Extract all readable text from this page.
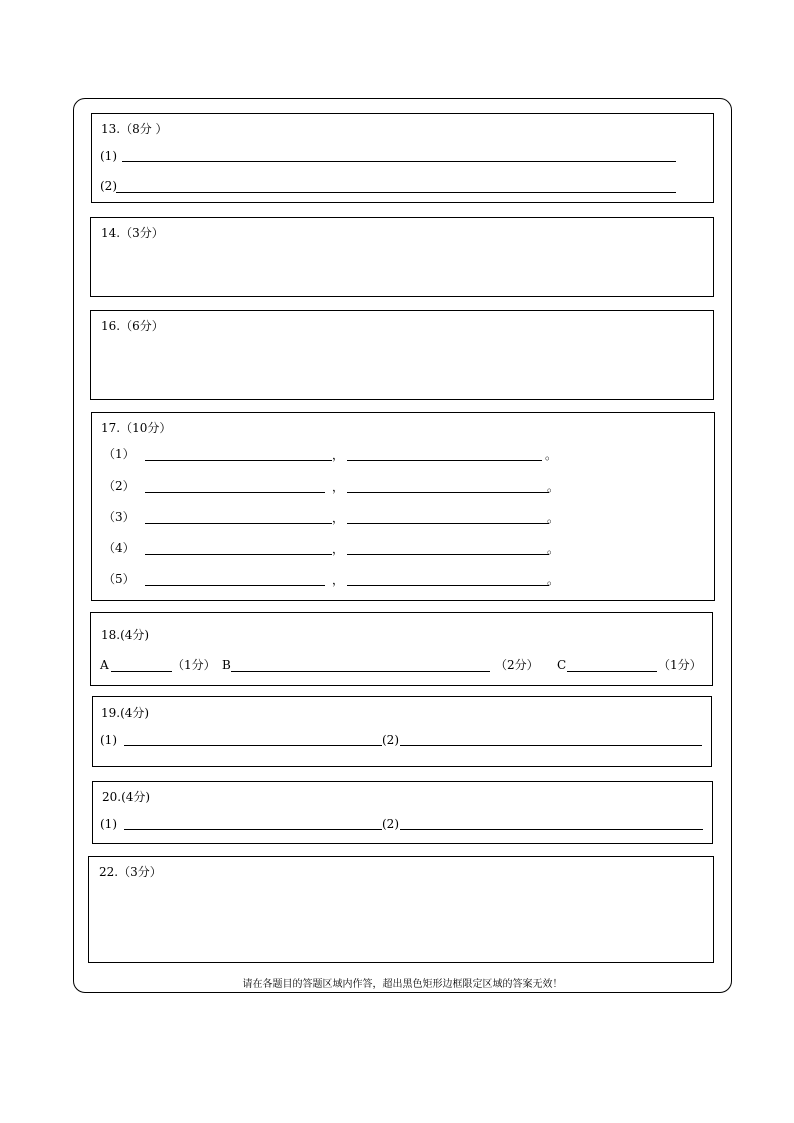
13.（8分 ）
(1)
(2)
14.（3分）
16.（6分）
17.（10分）
（1）	，	。
（2）	，	。
（3）	，	。
（4）	，	。
（5）	，	。
18.(4分)
A	（1分） B	（2分） C	（1分）
19.(4分)
(1)	(2)
20.(4分)
(1)	(2)
22.（3分）
请在各题目的答题区域内作答，超出黑色矩形边框限定区域的答案无效！
